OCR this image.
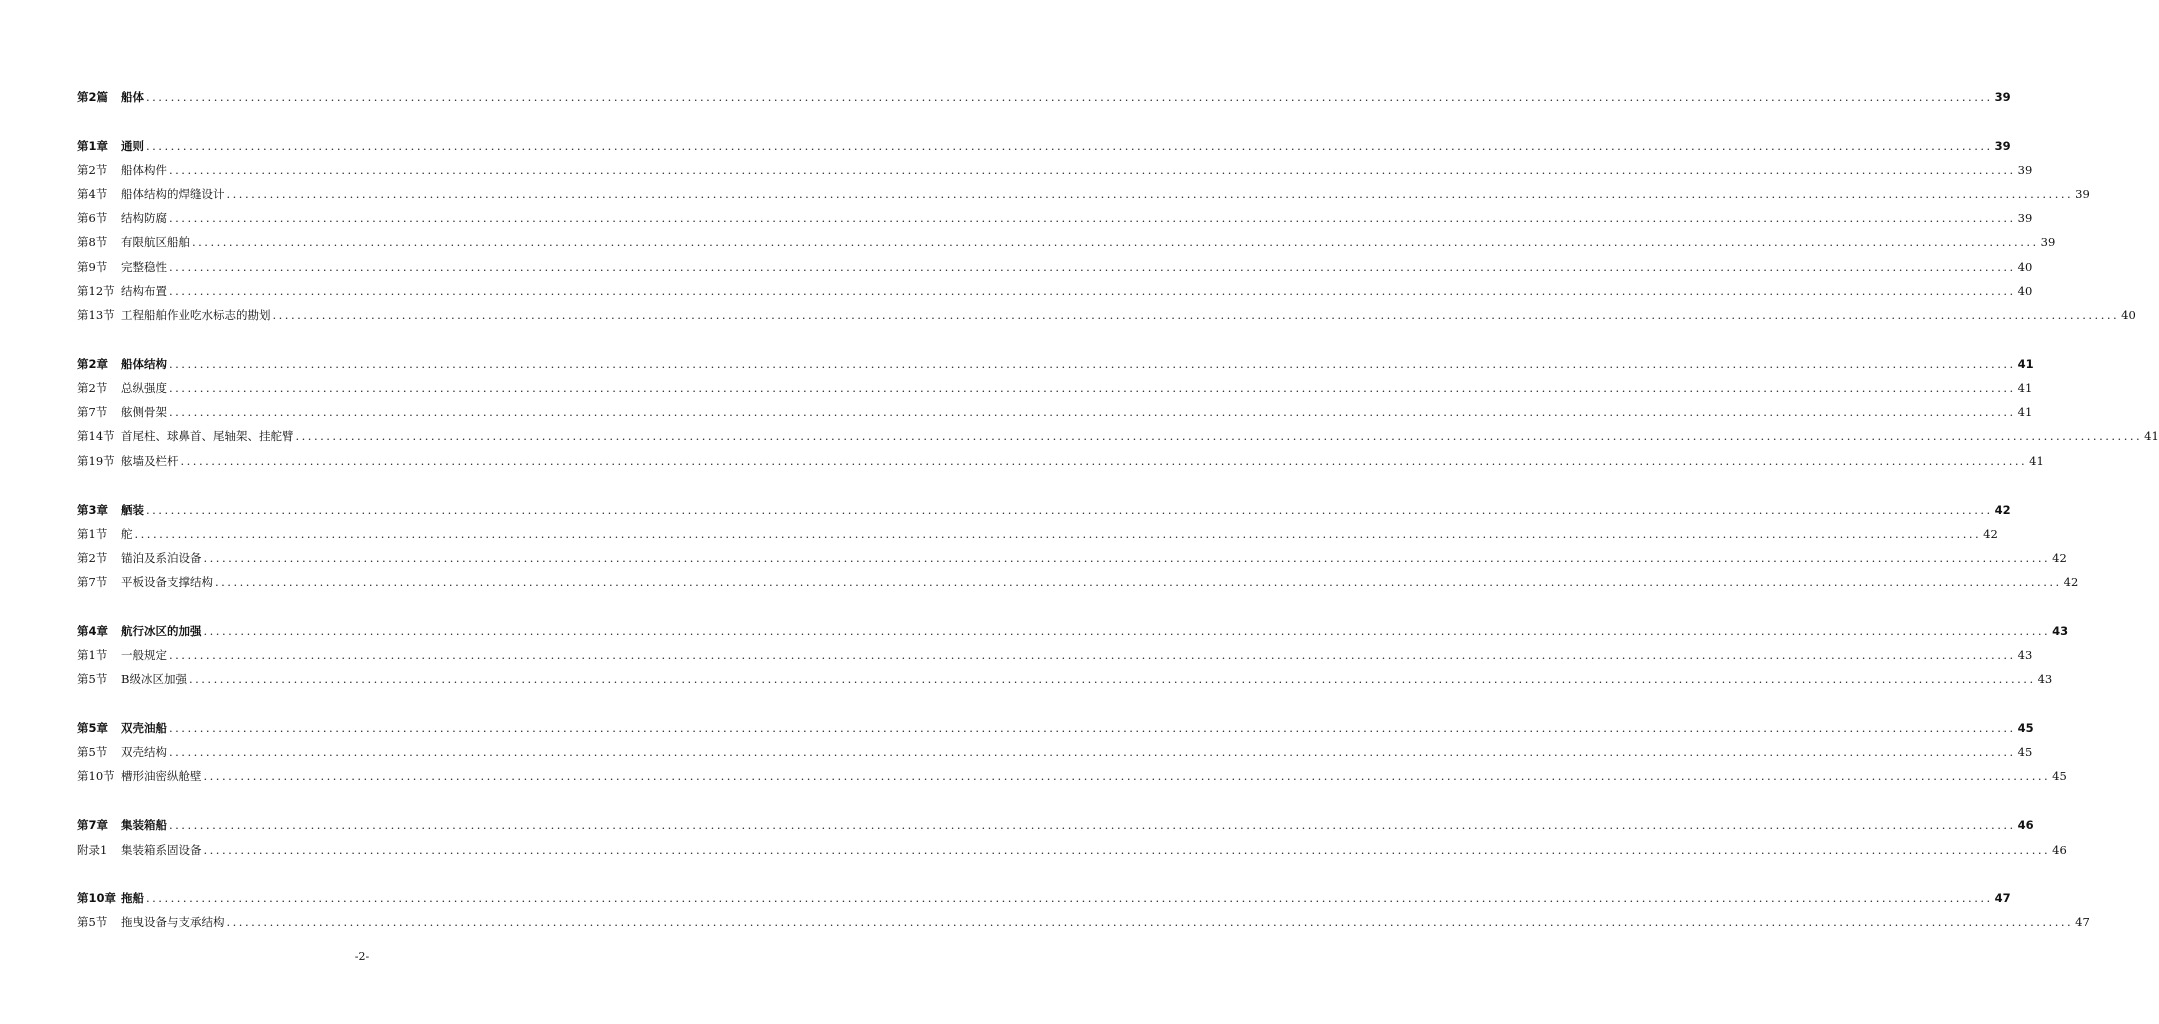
第2篇 船体 ............................................................................................................................................................................................................................................................................................................ 39
第1章 通则 ............................................................................................................................................................................................................................................................................................................ 39
第2节 船体构件 ............................................................................................................................................................................................................................................................................................................ 39
第4节 船体结构的焊缝设计 ............................................................................................................................................................................................................................................................................................................ 39
第6节 结构防腐 ............................................................................................................................................................................................................................................................................................................ 39
第8节 有限航区船舶 ............................................................................................................................................................................................................................................................................................................ 39
第9节 完整稳性 ............................................................................................................................................................................................................................................................................................................ 40
第12节 结构布置 ............................................................................................................................................................................................................................................................................................................ 40
第13节 工程船舶作业吃水标志的勘划 ............................................................................................................................................................................................................................................................................................................ 40
第2章 船体结构 ............................................................................................................................................................................................................................................................................................................ 41
第2节 总纵强度 ............................................................................................................................................................................................................................................................................................................ 41
第7节 舷侧骨架 ............................................................................................................................................................................................................................................................................................................ 41
第14节 首尾柱、球鼻首、尾轴架、挂舵臂 ............................................................................................................................................................................................................................................................................................................ 41
第19节 舷墙及栏杆 ............................................................................................................................................................................................................................................................................................................ 41
第3章 舾装 ............................................................................................................................................................................................................................................................................................................ 42
第1节 舵 ............................................................................................................................................................................................................................................................................................................ 42
第2节 锚泊及系泊设备 ............................................................................................................................................................................................................................................................................................................ 42
第7节 平板设备支撑结构 ............................................................................................................................................................................................................................................................................................................ 42
第4章 航行冰区的加强 ............................................................................................................................................................................................................................................................................................................ 43
第1节 一般规定 ............................................................................................................................................................................................................................................................................................................ 43
第5节 B级冰区加强 ............................................................................................................................................................................................................................................................................................................ 43
第5章 双壳油船 ............................................................................................................................................................................................................................................................................................................ 45
第5节 双壳结构 ............................................................................................................................................................................................................................................................................................................ 45
第10节 槽形油密纵舱壁 ............................................................................................................................................................................................................................................................................................................ 45
第7章 集装箱船 ............................................................................................................................................................................................................................................................................................................ 46
附录1 集装箱系固设备 ............................................................................................................................................................................................................................................................................................................ 46
第10章 拖船 ............................................................................................................................................................................................................................................................................................................ 47
第5节 拖曳设备与支承结构 ............................................................................................................................................................................................................................................................................................................ 47
-2-
